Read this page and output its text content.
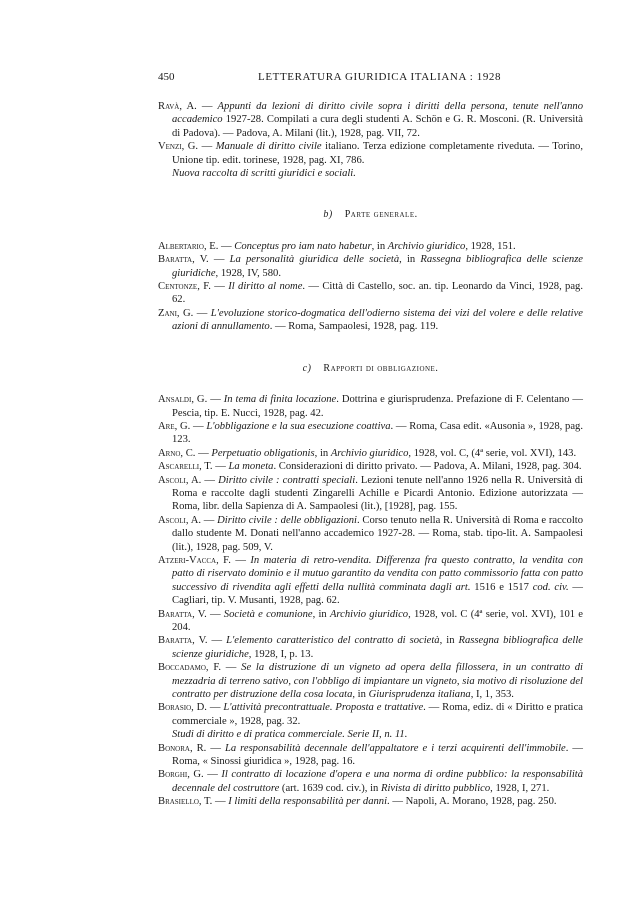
450	LETTERATURA GIURIDICA ITALIANA : 1928

Ravà, A. — Appunti da lezioni di diritto civile sopra i diritti della persona, tenute nell'anno accademico 1927-28. Compilati a cura degli studenti A. Schön e G. R. Mosconi. (R. Università di Padova). — Padova, A. Milani (lit.), 1928, pag. VII, 72.

Venzi, G. — Manuale di diritto civile italiano. Terza edizione completamente riveduta. — Torino, Unione tip. edit. torinese, 1928, pag. XI, 786.

Nuova raccolta di scritti giuridici e sociali.

b) Parte generale.

Albertario, E. — Conceptus pro iam nato habetur, in Archivio giuridico, 1928, 151.

Baratta, V. — La personalità giuridica delle società, in Rassegna bibliografica delle scienze giuridiche, 1928, IV, 580.

Centonze, F. — Il diritto al nome. — Città di Castello, soc. an. tip. Leonardo da Vinci, 1928, pag. 62.

Zani, G. — L'evoluzione storico-dogmatica dell'odierno sistema dei vizi del volere e delle relative azioni di annullamento. — Roma, Sampaolesi, 1928, pag. 119.

c) Rapporti di obbligazione.

Ansaldi, G. — In tema di finita locazione. Dottrina e giurisprudenza. Prefazione di F. Celentano — Pescia, tip. E. Nucci, 1928, pag. 42.

Are, G. — L'obbligazione e la sua esecuzione coattiva. — Roma, Casa edit. «Ausonia », 1928, pag. 123.

Arno, C. — Perpetuatio obligationis, in Archivio giuridico, 1928, vol. C, (4ª serie, vol. XVI), 143.

Ascarelli, T. — La moneta. Considerazioni di diritto privato. — Padova, A. Milani, 1928, pag. 304.

Ascoli, A. — Diritto civile : contratti speciali. Lezioni tenute nell'anno 1926 nella R. Università di Roma e raccolte dagli studenti Zingarelli Achille e Picardi Antonio. Edizione autorizzata — Roma, libr. della Sapienza di A. Sampaolesi (lit.), [1928], pag. 155.

Ascoli, A. — Diritto civile : delle obbligazioni. Corso tenuto nella R. Università di Roma e raccolto dallo studente M. Donati nell'anno accademico 1927-28. — Roma, stab. tipo-lit. A. Sampaolesi (lit.), 1928, pag. 509, V.

Atzeri-Vacca, F. — In materia di retro-vendita. Differenza fra questo contratto, la vendita con patto di riservato dominio e il mutuo garantito da vendita con patto commissorio fatta con patto successivo di rivendita agli effetti della nullità comminata dagli art. 1516 e 1517 cod. civ. — Cagliari, tip. V. Musanti, 1928, pag. 62.

Baratta, V. — Società e comunione, in Archivio giuridico, 1928, vol. C (4ª serie, vol. XVI), 101 e 204.

Baratta, V. — L'elemento caratteristico del contratto di società, in Rassegna bibliografica delle scienze giuridiche, 1928, I, p. 13.

Boccadamo, F. — Se la distruzione di un vigneto ad opera della fillossera, in un contratto di mezzadria di terreno sativo, con l'obbligo di impiantare un vigneto, sia motivo di risoluzione del contratto per distruzione della cosa locata, in Giurisprudenza italiana, I, 1, 353.

Borasio, D. — L'attività precontrattuale. Proposta e trattative. — Roma, ediz. di « Diritto e pratica commerciale », 1928, pag. 32.

Studi di diritto e di pratica commerciale. Serie II, n. 11.

Bonora, R. — La responsabilità decennale dell'appaltatore e i terzi acquirenti dell'immobile. — Roma, « Sinossi giuridica », 1928, pag. 16.

Borghi, G. — Il contratto di locazione d'opera e una norma di ordine pubblico: la responsabilità decennale del costruttore (art. 1639 cod. civ.), in Rivista di diritto pubblico, 1928, I, 271.

Brasiello, T. — I limiti della responsabilità per danni. — Napoli, A. Morano, 1928, pag. 250.
